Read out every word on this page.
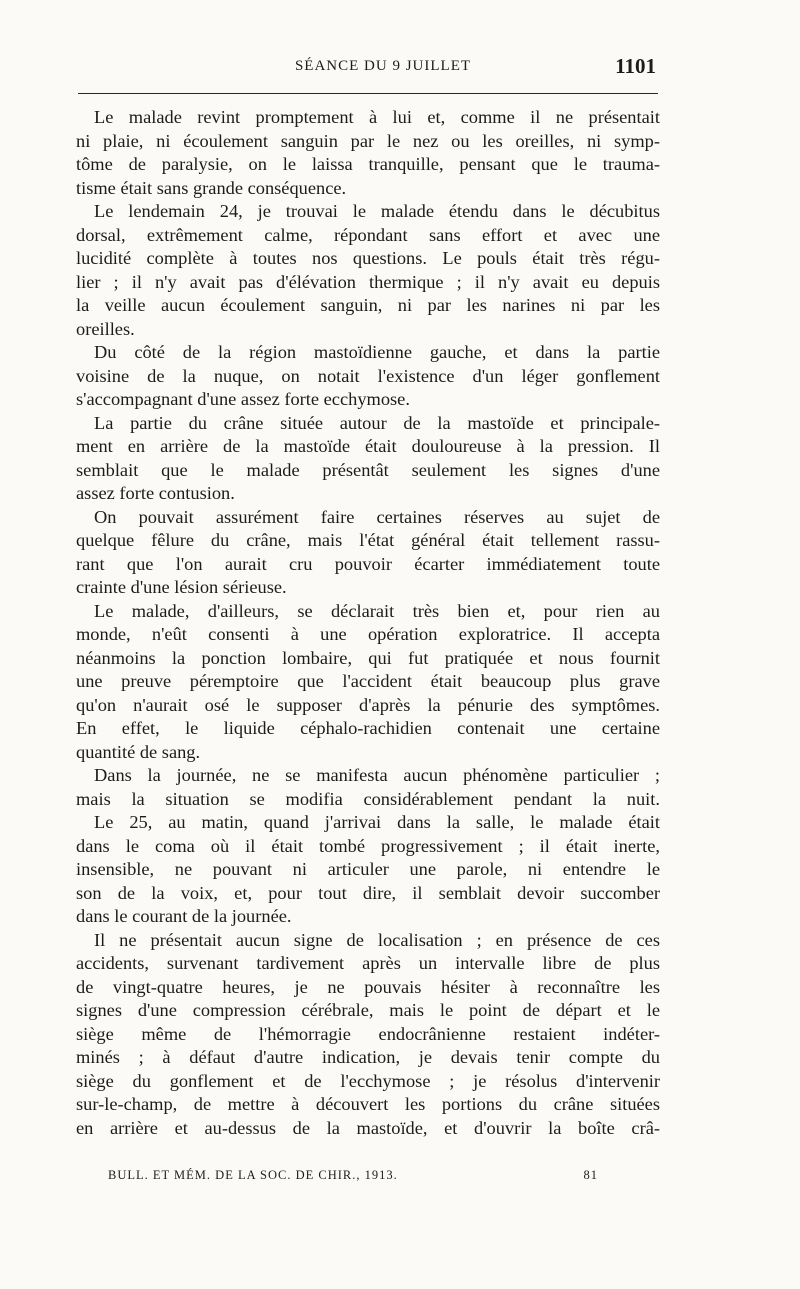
SÉANCE DU 9 JUILLET	1101
Le malade revint promptement à lui et, comme il ne présentait
ni plaie, ni écoulement sanguin par le nez ou les oreilles, ni symp-
tôme de paralysie, on le laissa tranquille, pensant que le trauma-
tisme était sans grande conséquence.
Le lendemain 24, je trouvai le malade étendu dans le décubitus
dorsal, extrêmement calme, répondant sans effort et avec une
lucidité complète à toutes nos questions. Le pouls était très régu-
lier ; il n'y avait pas d'élévation thermique ; il n'y avait eu depuis
la veille aucun écoulement sanguin, ni par les narines ni par les
oreilles.
Du côté de la région mastoïdienne gauche, et dans la partie
voisine de la nuque, on notait l'existence d'un léger gonflement
s'accompagnant d'une assez forte ecchymose.
La partie du crâne située autour de la mastoïde et principale-
ment en arrière de la mastoïde était douloureuse à la pression. Il
semblait que le malade présentât seulement les signes d'une
assez forte contusion.
On pouvait assurément faire certaines réserves au sujet de
quelque fêlure du crâne, mais l'état général était tellement rassu-
rant que l'on aurait cru pouvoir écarter immédiatement toute
crainte d'une lésion sérieuse.
Le malade, d'ailleurs, se déclarait très bien et, pour rien au
monde, n'eût consenti à une opération exploratrice. Il accepta
néanmoins la ponction lombaire, qui fut pratiquée et nous fournit
une preuve péremptoire que l'accident était beaucoup plus grave
qu'on n'aurait osé le supposer d'après la pénurie des symptômes.
En effet, le liquide céphalo-rachidien contenait une certaine
quantité de sang.
Dans la journée, ne se manifesta aucun phénomène particulier ;
mais la situation se modifia considérablement pendant la nuit.
Le 25, au matin, quand j'arrivai dans la salle, le malade était
dans le coma où il était tombé progressivement ; il était inerte,
insensible, ne pouvant ni articuler une parole, ni entendre le
son de la voix, et, pour tout dire, il semblait devoir succomber
dans le courant de la journée.
Il ne présentait aucun signe de localisation ; en présence de ces
accidents, survenant tardivement après un intervalle libre de plus
de vingt-quatre heures, je ne pouvais hésiter à reconnaître les
signes d'une compression cérébrale, mais le point de départ et le
siège même de l'hémorragie endocrânienne restaient indéter-
minés ; à défaut d'autre indication, je devais tenir compte du
siège du gonflement et de l'ecchymose ; je résolus d'intervenir
sur-le-champ, de mettre à découvert les portions du crâne situées
en arrière et au-dessus de la mastoïde, et d'ouvrir la boîte crâ-
BULL. ET MÉM. DE LA SOC. DE CHIR., 1913.	81
